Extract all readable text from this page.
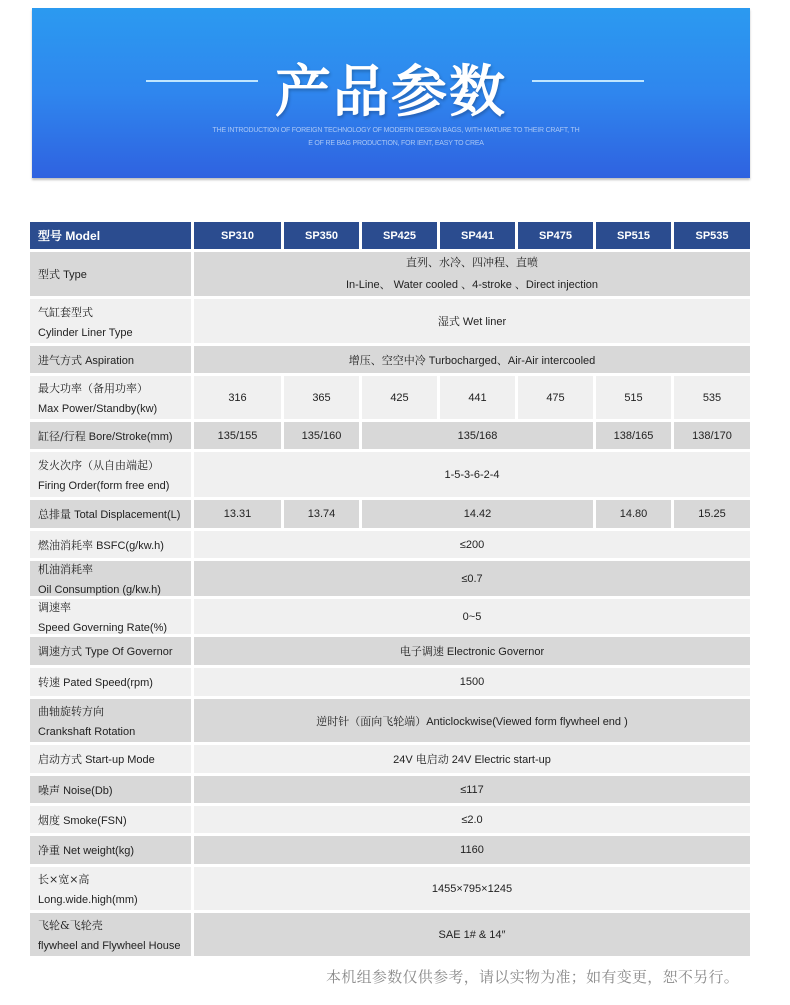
产品参数
THE INTRODUCTION OF FOREIGN TECHNOLOGY OF MODERN DESIGN BAGS, WITH MATURE TO THEIR CRAFT, TH
E OF RE BAG PRODUCTION, FOR IENT, EASY TO CREA
型号 Model	SP310	SP350	SP425	SP441	SP475	SP515	SP535
型式 Type	直列、水冷、四冲程、直喷
In-Line、 Water cooled 、4-stroke 、Direct injection						

气缸套型式
Cylinder Liner Type	湿式 Wet liner						
进气方式 Aspiration	增压、空空中冷 Turbocharged、Air-Air intercooled						

最大功率（备用功率）
Max Power/Standby(kw)	316	365	425	441	475	515	535
缸径/行程 Bore/Stroke(mm)	135/155	135/160	135/168			138/165	138/170

发火次序（从自由端起）
Firing Order(form free end)	1-5-3-6-2-4						
总排量 Total Displacement(L)	13.31	13.74	14.42			14.80	15.25
燃油消耗率 BSFC(g/kw.h)	≤200						

机油消耗率
Oil Consumption (g/kw.h)	≤0.7						

调速率
Speed Governing Rate(%)	0~5						
调速方式 Type Of Governor	电子调速 Electronic Governor						
转速 Pated Speed(rpm)	1500						

曲轴旋转方向
Crankshaft Rotation	逆时针（面向飞轮端）Anticlockwise(Viewed form flywheel end )						
启动方式 Start-up Mode	24V 电启动 24V Electric start-up						
噪声 Noise(Db)	≤117						
烟度 Smoke(FSN)	≤2.0						
净重 Net weight(kg)	1160						

长×宽×高
Long.wide.high(mm)	1455×795×1245						

飞轮&飞轮壳
flywheel and Flywheel House	SAE 1# & 14″						
本机组参数仅供参考，请以实物为准；如有变更，恕不另行。
